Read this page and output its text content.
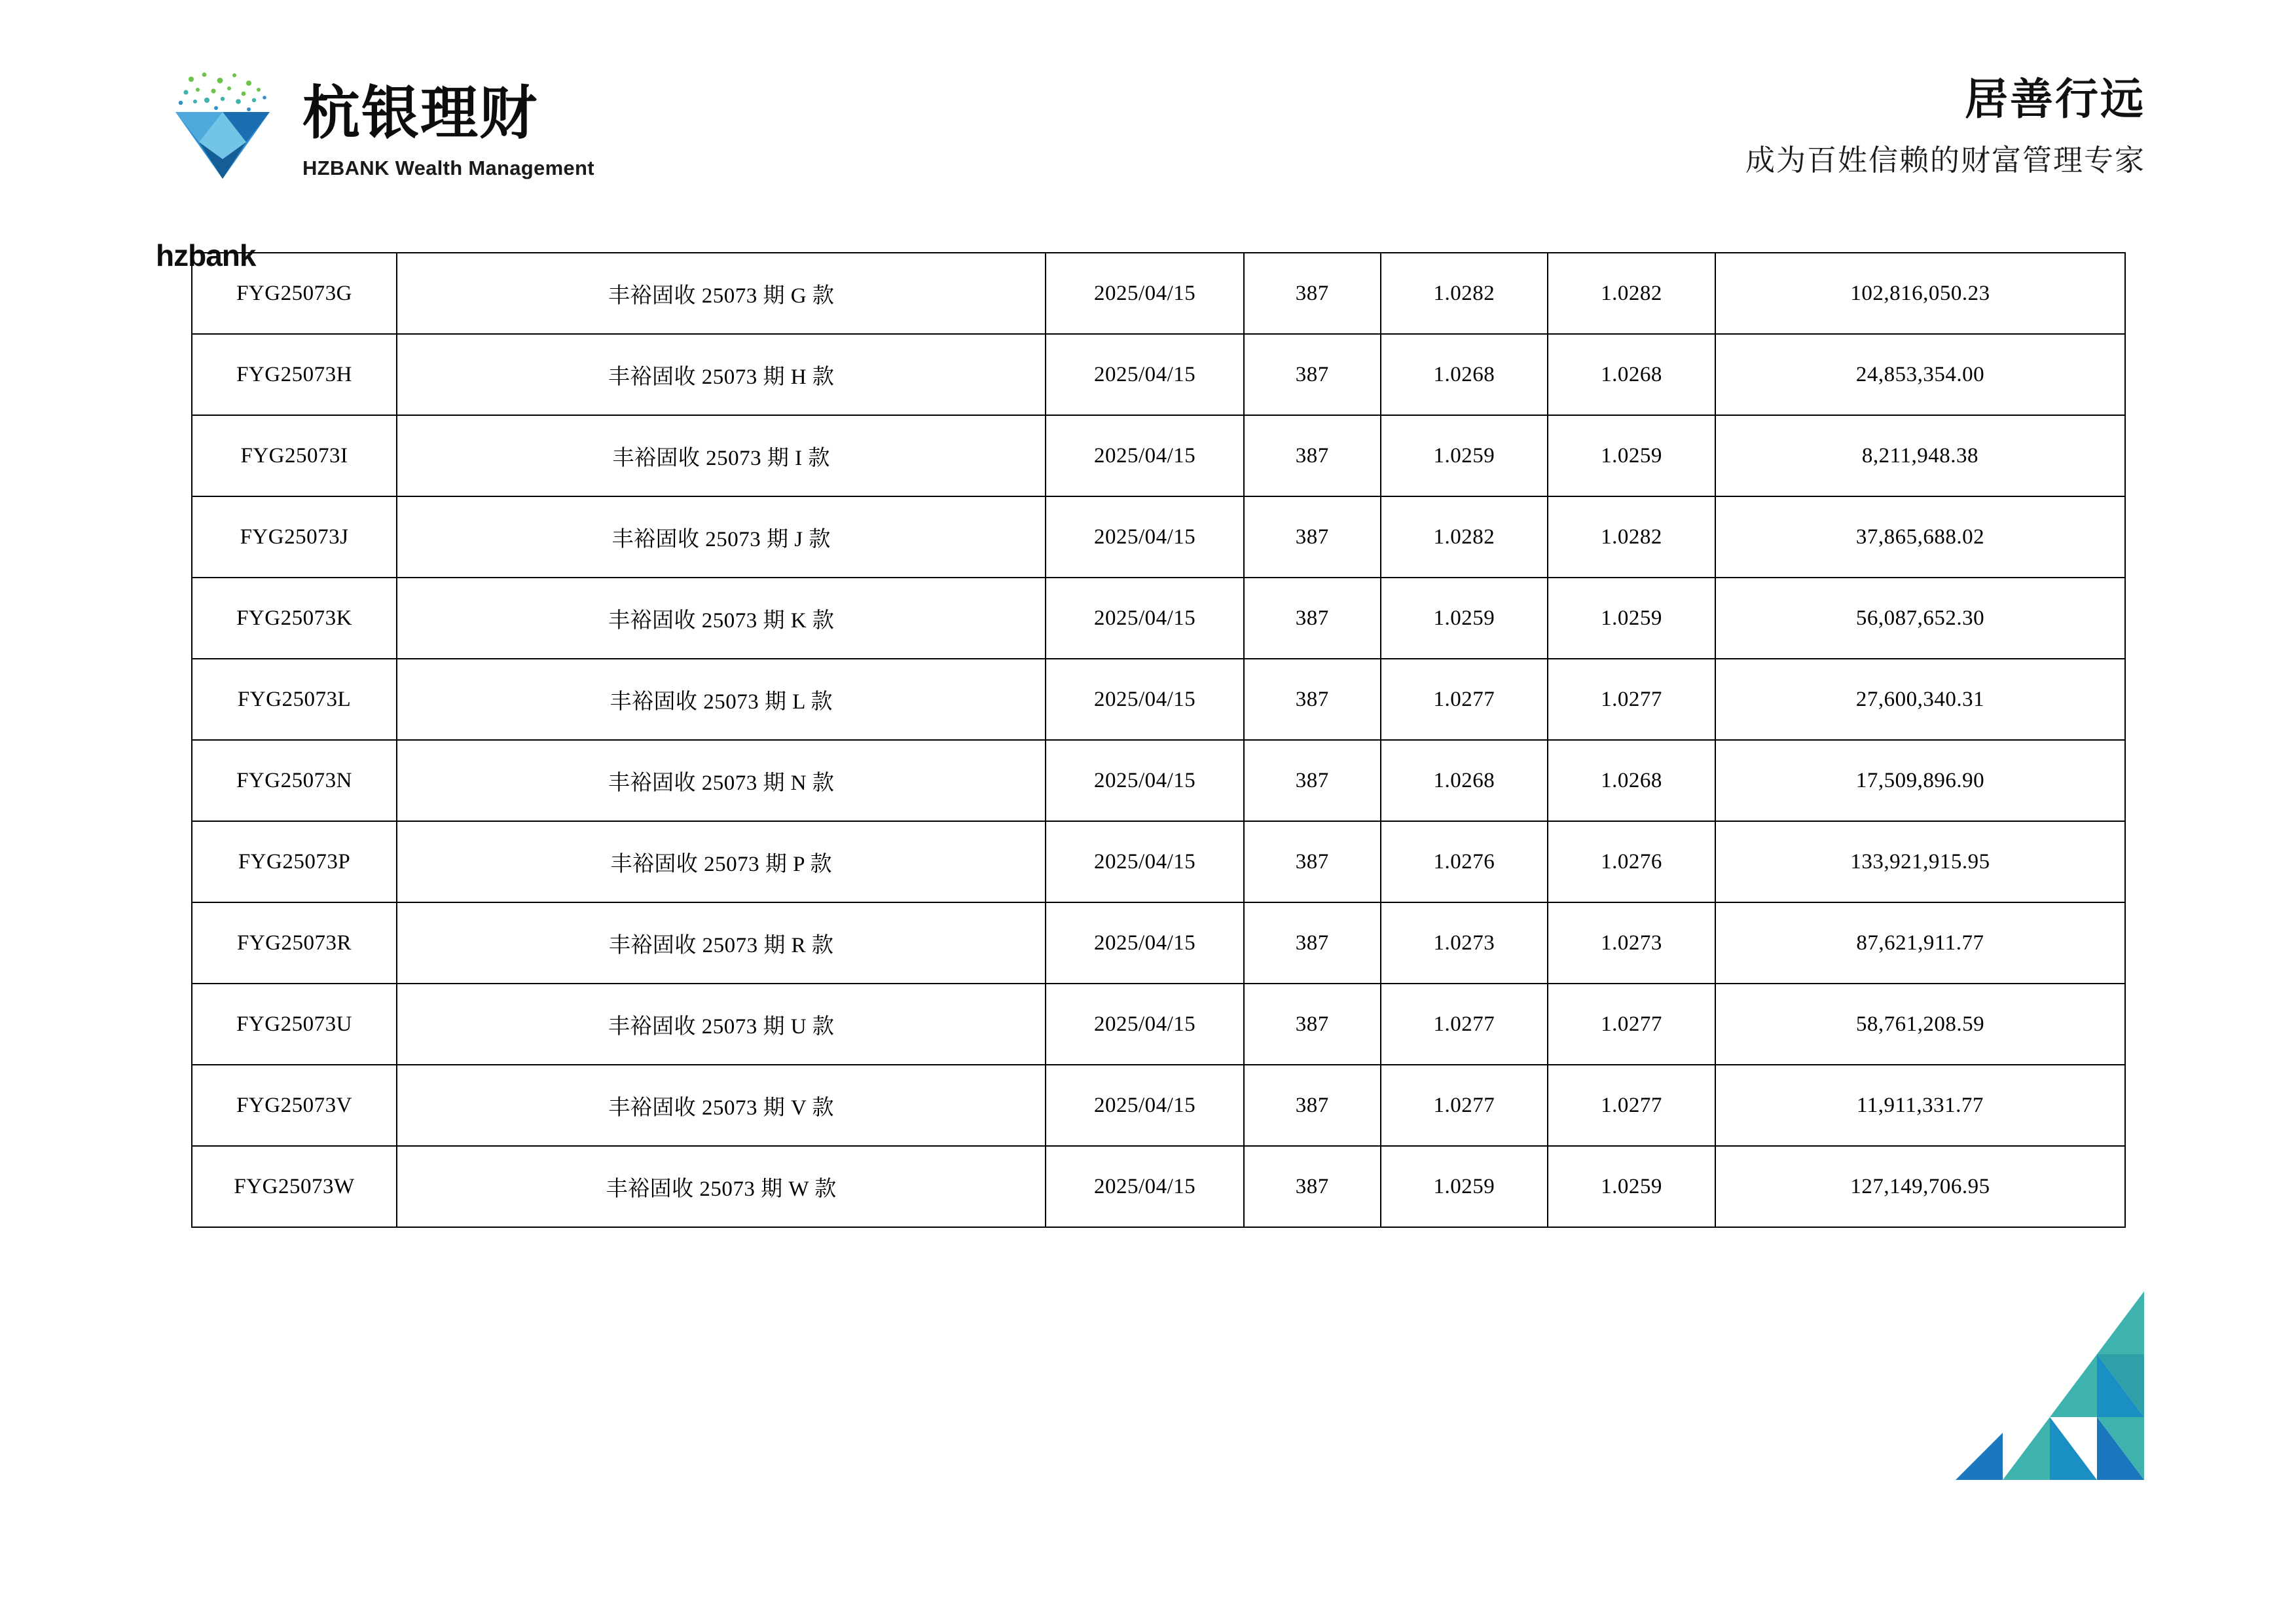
杭银理财
HZBANK Wealth Management
hzbank
居善行远
成为百姓信赖的财富管理专家
FYG25073G	丰裕固收 25073 期 G 款	2025/04/15	387	1.0282	1.0282	102,816,050.23
FYG25073H	丰裕固收 25073 期 H 款	2025/04/15	387	1.0268	1.0268	24,853,354.00
FYG25073I	丰裕固收 25073 期 I 款	2025/04/15	387	1.0259	1.0259	8,211,948.38
FYG25073J	丰裕固收 25073 期 J 款	2025/04/15	387	1.0282	1.0282	37,865,688.02
FYG25073K	丰裕固收 25073 期 K 款	2025/04/15	387	1.0259	1.0259	56,087,652.30
FYG25073L	丰裕固收 25073 期 L 款	2025/04/15	387	1.0277	1.0277	27,600,340.31
FYG25073N	丰裕固收 25073 期 N 款	2025/04/15	387	1.0268	1.0268	17,509,896.90
FYG25073P	丰裕固收 25073 期 P 款	2025/04/15	387	1.0276	1.0276	133,921,915.95
FYG25073R	丰裕固收 25073 期 R 款	2025/04/15	387	1.0273	1.0273	87,621,911.77
FYG25073U	丰裕固收 25073 期 U 款	2025/04/15	387	1.0277	1.0277	58,761,208.59
FYG25073V	丰裕固收 25073 期 V 款	2025/04/15	387	1.0277	1.0277	11,911,331.77
FYG25073W	丰裕固收 25073 期 W 款	2025/04/15	387	1.0259	1.0259	127,149,706.95
